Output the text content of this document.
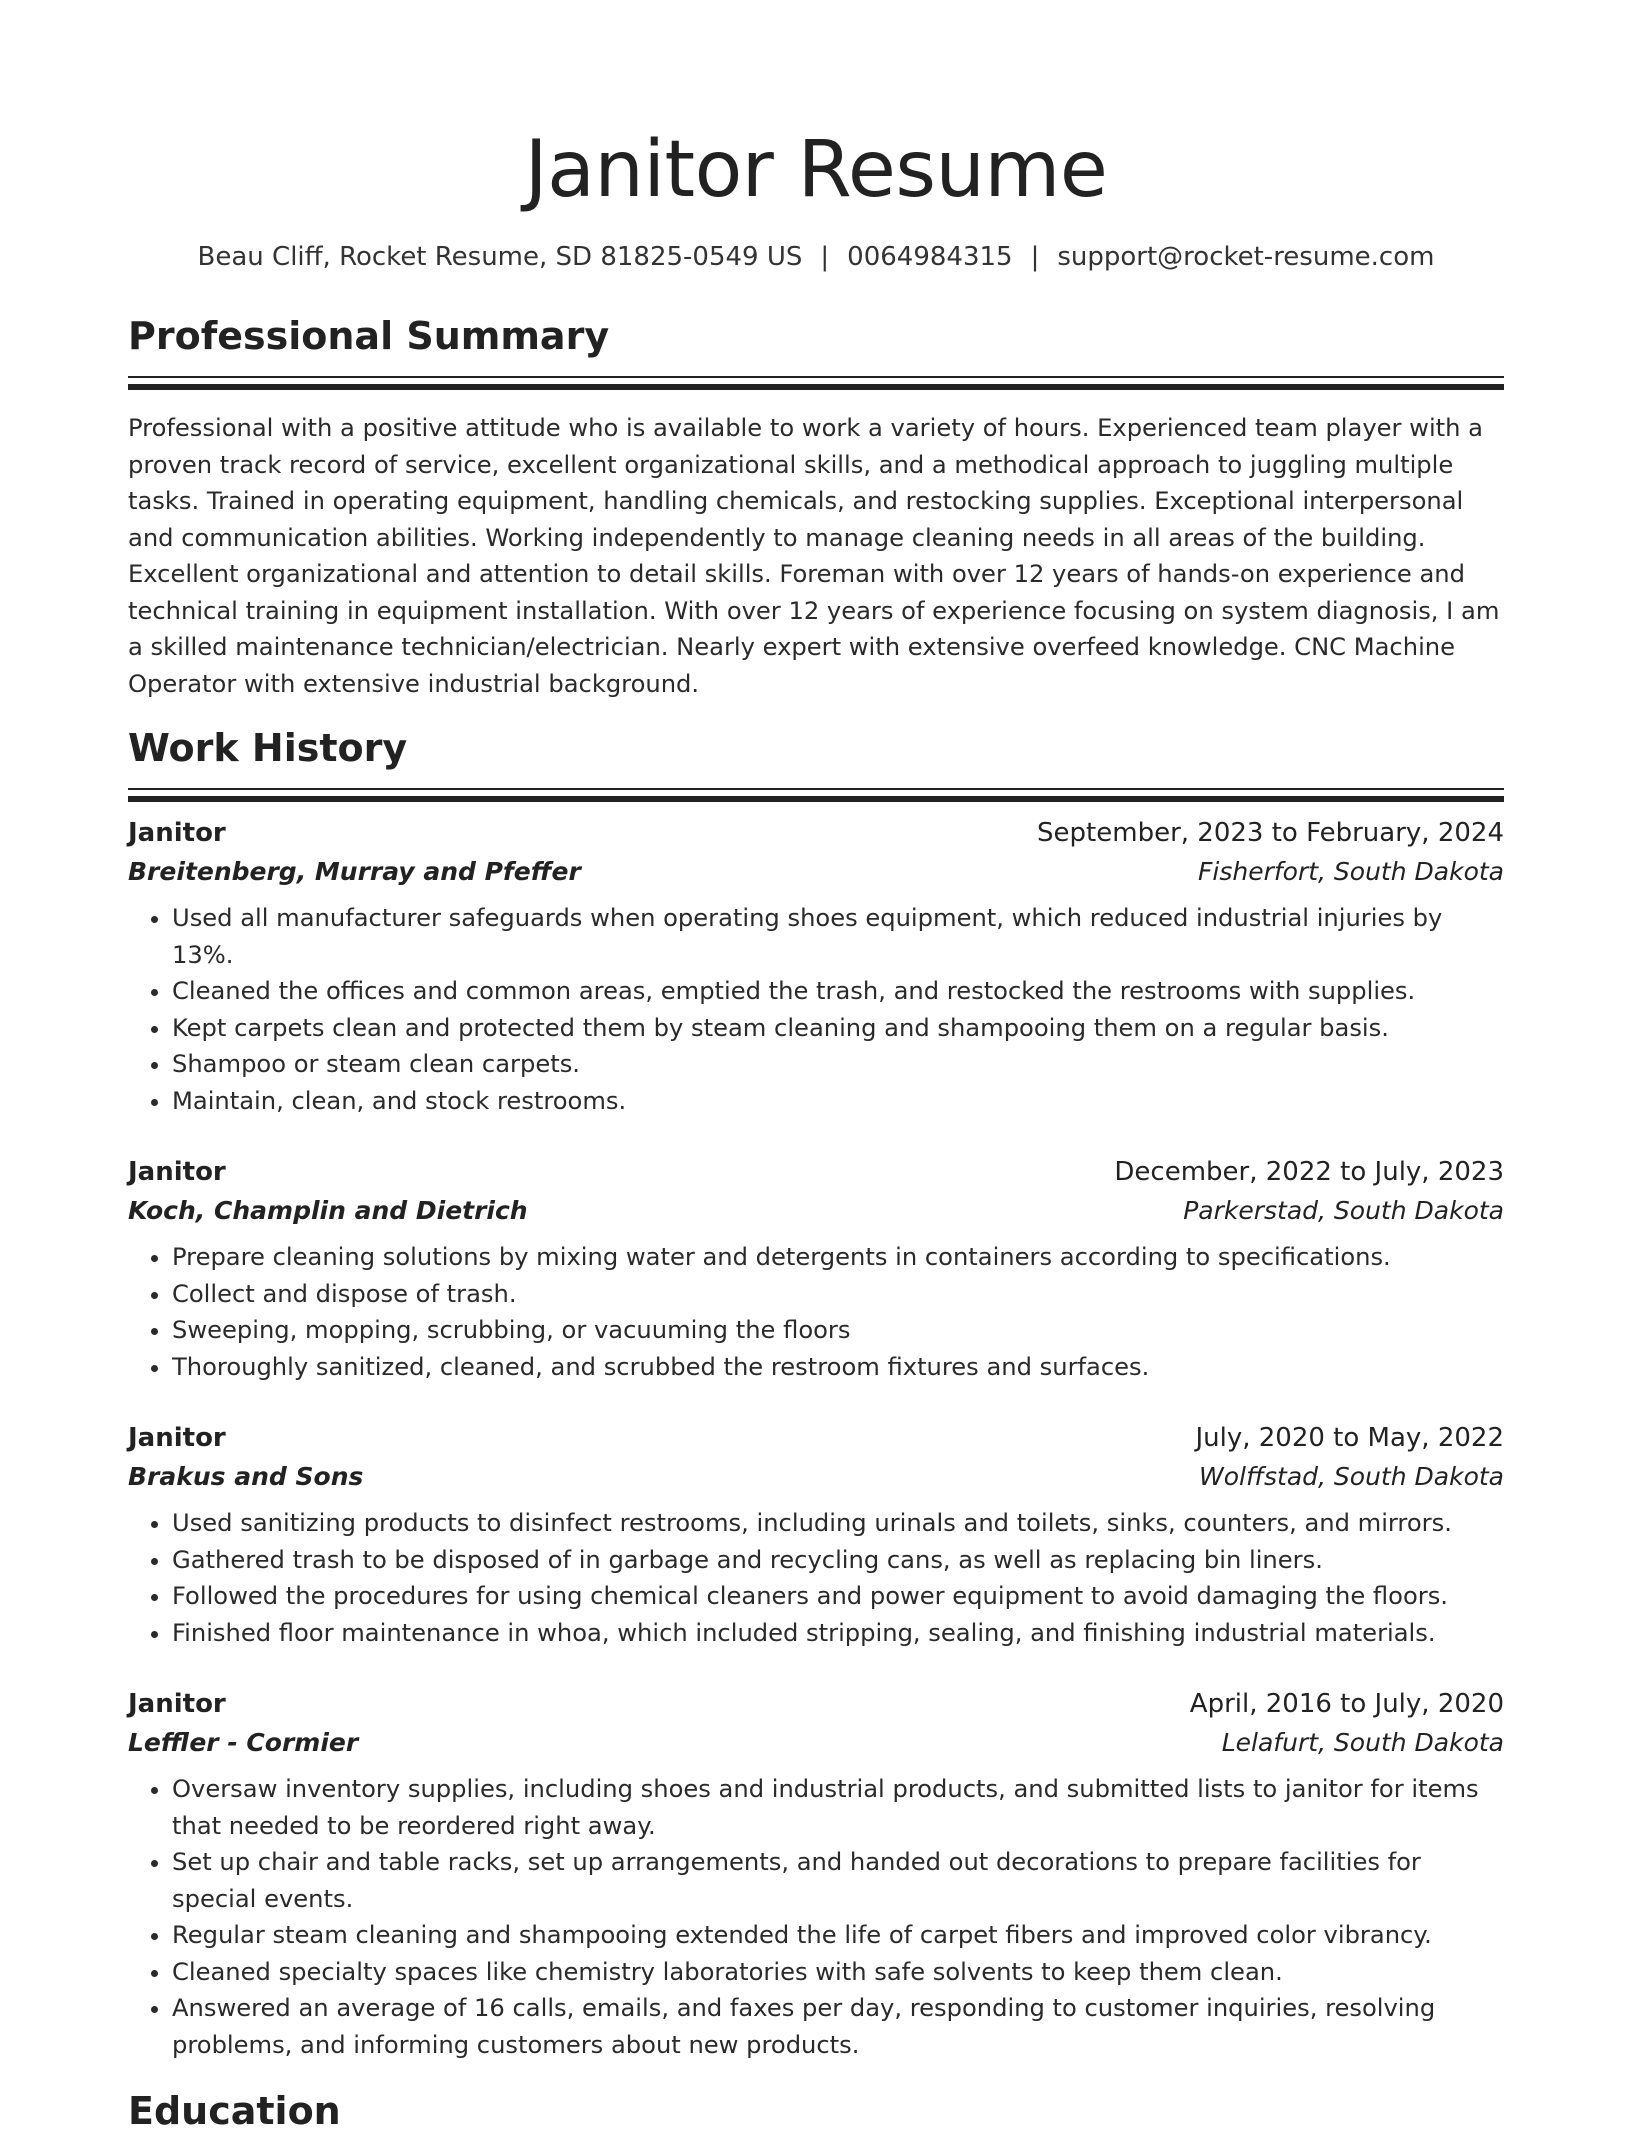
Janitor Resume
Beau Cliff, Rocket Resume, SD 81825-0549 US | 0064984315 | support@rocket-resume.com
Professional Summary

Professional with a positive attitude who is available to work a variety of hours. Experienced team player with a proven track record of service, excellent organizational skills, and a methodical approach to juggling multiple tasks. Trained in operating equipment, handling chemicals, and restocking supplies. Exceptional interpersonal and communication abilities. Working independently to manage cleaning needs in all areas of the building. Excellent organizational and attention to detail skills. Foreman with over 12 years of hands-on experience and technical training in equipment installation. With over 12 years of experience focusing on system diagnosis, I am a skilled maintenance technician/electrician. Nearly expert with extensive overfeed knowledge. CNC Machine Operator with extensive industrial background.

Work History
Janitor	September, 2023 to February, 2024
Breitenberg, Murray and Pfeffer	Fisherfort, South Dakota
• Used all manufacturer safeguards when operating shoes equipment, which reduced industrial injuries by 13%.
• Cleaned the offices and common areas, emptied the trash, and restocked the restrooms with supplies.
• Kept carpets clean and protected them by steam cleaning and shampooing them on a regular basis.
• Shampoo or steam clean carpets.
• Maintain, clean, and stock restrooms.
Janitor	December, 2022 to July, 2023
Koch, Champlin and Dietrich	Parkerstad, South Dakota
• Prepare cleaning solutions by mixing water and detergents in containers according to specifications.
• Collect and dispose of trash.
• Sweeping, mopping, scrubbing, or vacuuming the floors
• Thoroughly sanitized, cleaned, and scrubbed the restroom fixtures and surfaces.
Janitor	July, 2020 to May, 2022
Brakus and Sons	Wolffstad, South Dakota
• Used sanitizing products to disinfect restrooms, including urinals and toilets, sinks, counters, and mirrors.
• Gathered trash to be disposed of in garbage and recycling cans, as well as replacing bin liners.
• Followed the procedures for using chemical cleaners and power equipment to avoid damaging the floors.
• Finished floor maintenance in whoa, which included stripping, sealing, and finishing industrial materials.
Janitor	April, 2016 to July, 2020
Leffler - Cormier	Lelafurt, South Dakota
• Oversaw inventory supplies, including shoes and industrial products, and submitted lists to janitor for items that needed to be reordered right away.
• Set up chair and table racks, set up arrangements, and handed out decorations to prepare facilities for special events.
• Regular steam cleaning and shampooing extended the life of carpet fibers and improved color vibrancy.
• Cleaned specialty spaces like chemistry laboratories with safe solvents to keep them clean.
• Answered an average of 16 calls, emails, and faxes per day, responding to customer inquiries, resolving problems, and informing customers about new products.
Education
